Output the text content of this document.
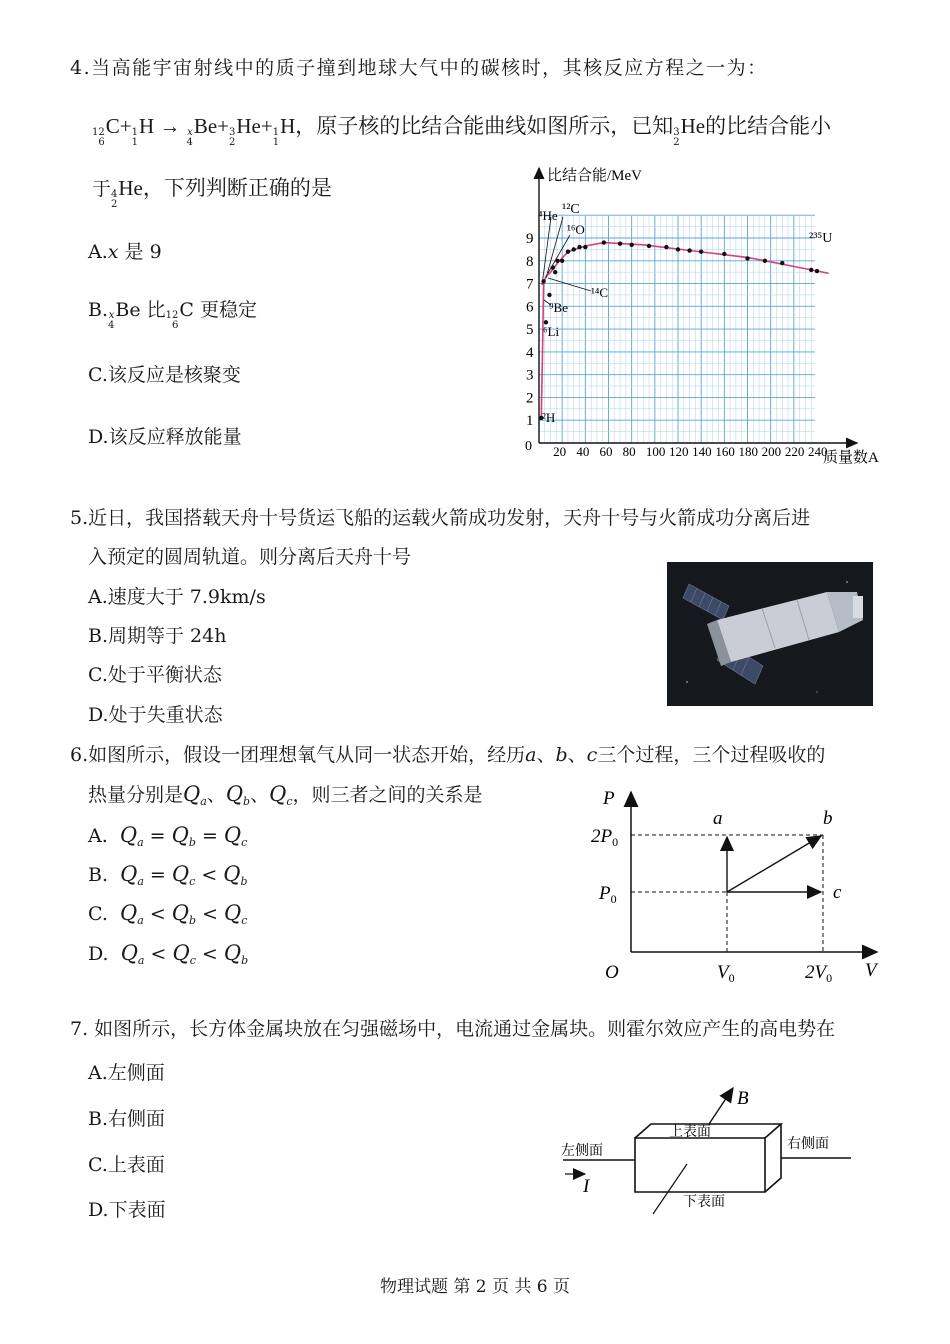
4.当高能宇宙射线中的质子撞到地球大气中的碳核时，其核反应方程之一为：
12
6
C+ 1
1
H → x
4
Be+ 3
2
He+ 1
1
H，原子核的比结合能曲线如图所示，已知 3
2
He的比结合能小
于 4
2
He，下列判断正确的是
A.x 是 9
B. x
4
Be 比 12
6
C 更稳定
C.该反应是核聚变
D.该反应释放能量
比结合能/MeV
质量数A
0
1
2
3
4
5
6
7
8
9
20 40 60 80 100 120 140 160 180 200 220 240
⁴He ¹²C
¹⁶O
¹⁴C
⁹Be
⁶Li
²H
²³⁵U
5.近日，我国搭载天舟十号货运飞船的运载火箭成功发射，天舟十号与火箭成功分离后进
入预定的圆周轨道。则分离后天舟十号
A.速度大于 7.9km/s
B.周期等于 24h
C.处于平衡状态
D.处于失重状态
6.如图所示，假设一团理想氧气从同一状态开始，经历a、b、c三个过程，三个过程吸收的
热量分别是$Q_a$、$Q_b$、$Q_c$，则三者之间的关系是
A. $Q_a = Q_b = Q_c$
B. $Q_a = Q_c < Q_b$
C. $Q_a < Q_b < Q_c$
D. $Q_a < Q_c < Q_b$
P
V
O
$2P_0$
$P_0$
$V_0$	$2V_0$
a	b
c
7. 如图所示，长方体金属块放在匀强磁场中，电流通过金属块。则霍尔效应产生的高电势在
A.左侧面
B.右侧面
C.上表面
D.下表面
B
I
上表面
下表面
左侧面	右侧面
物理试题 第 2 页 共 6 页
